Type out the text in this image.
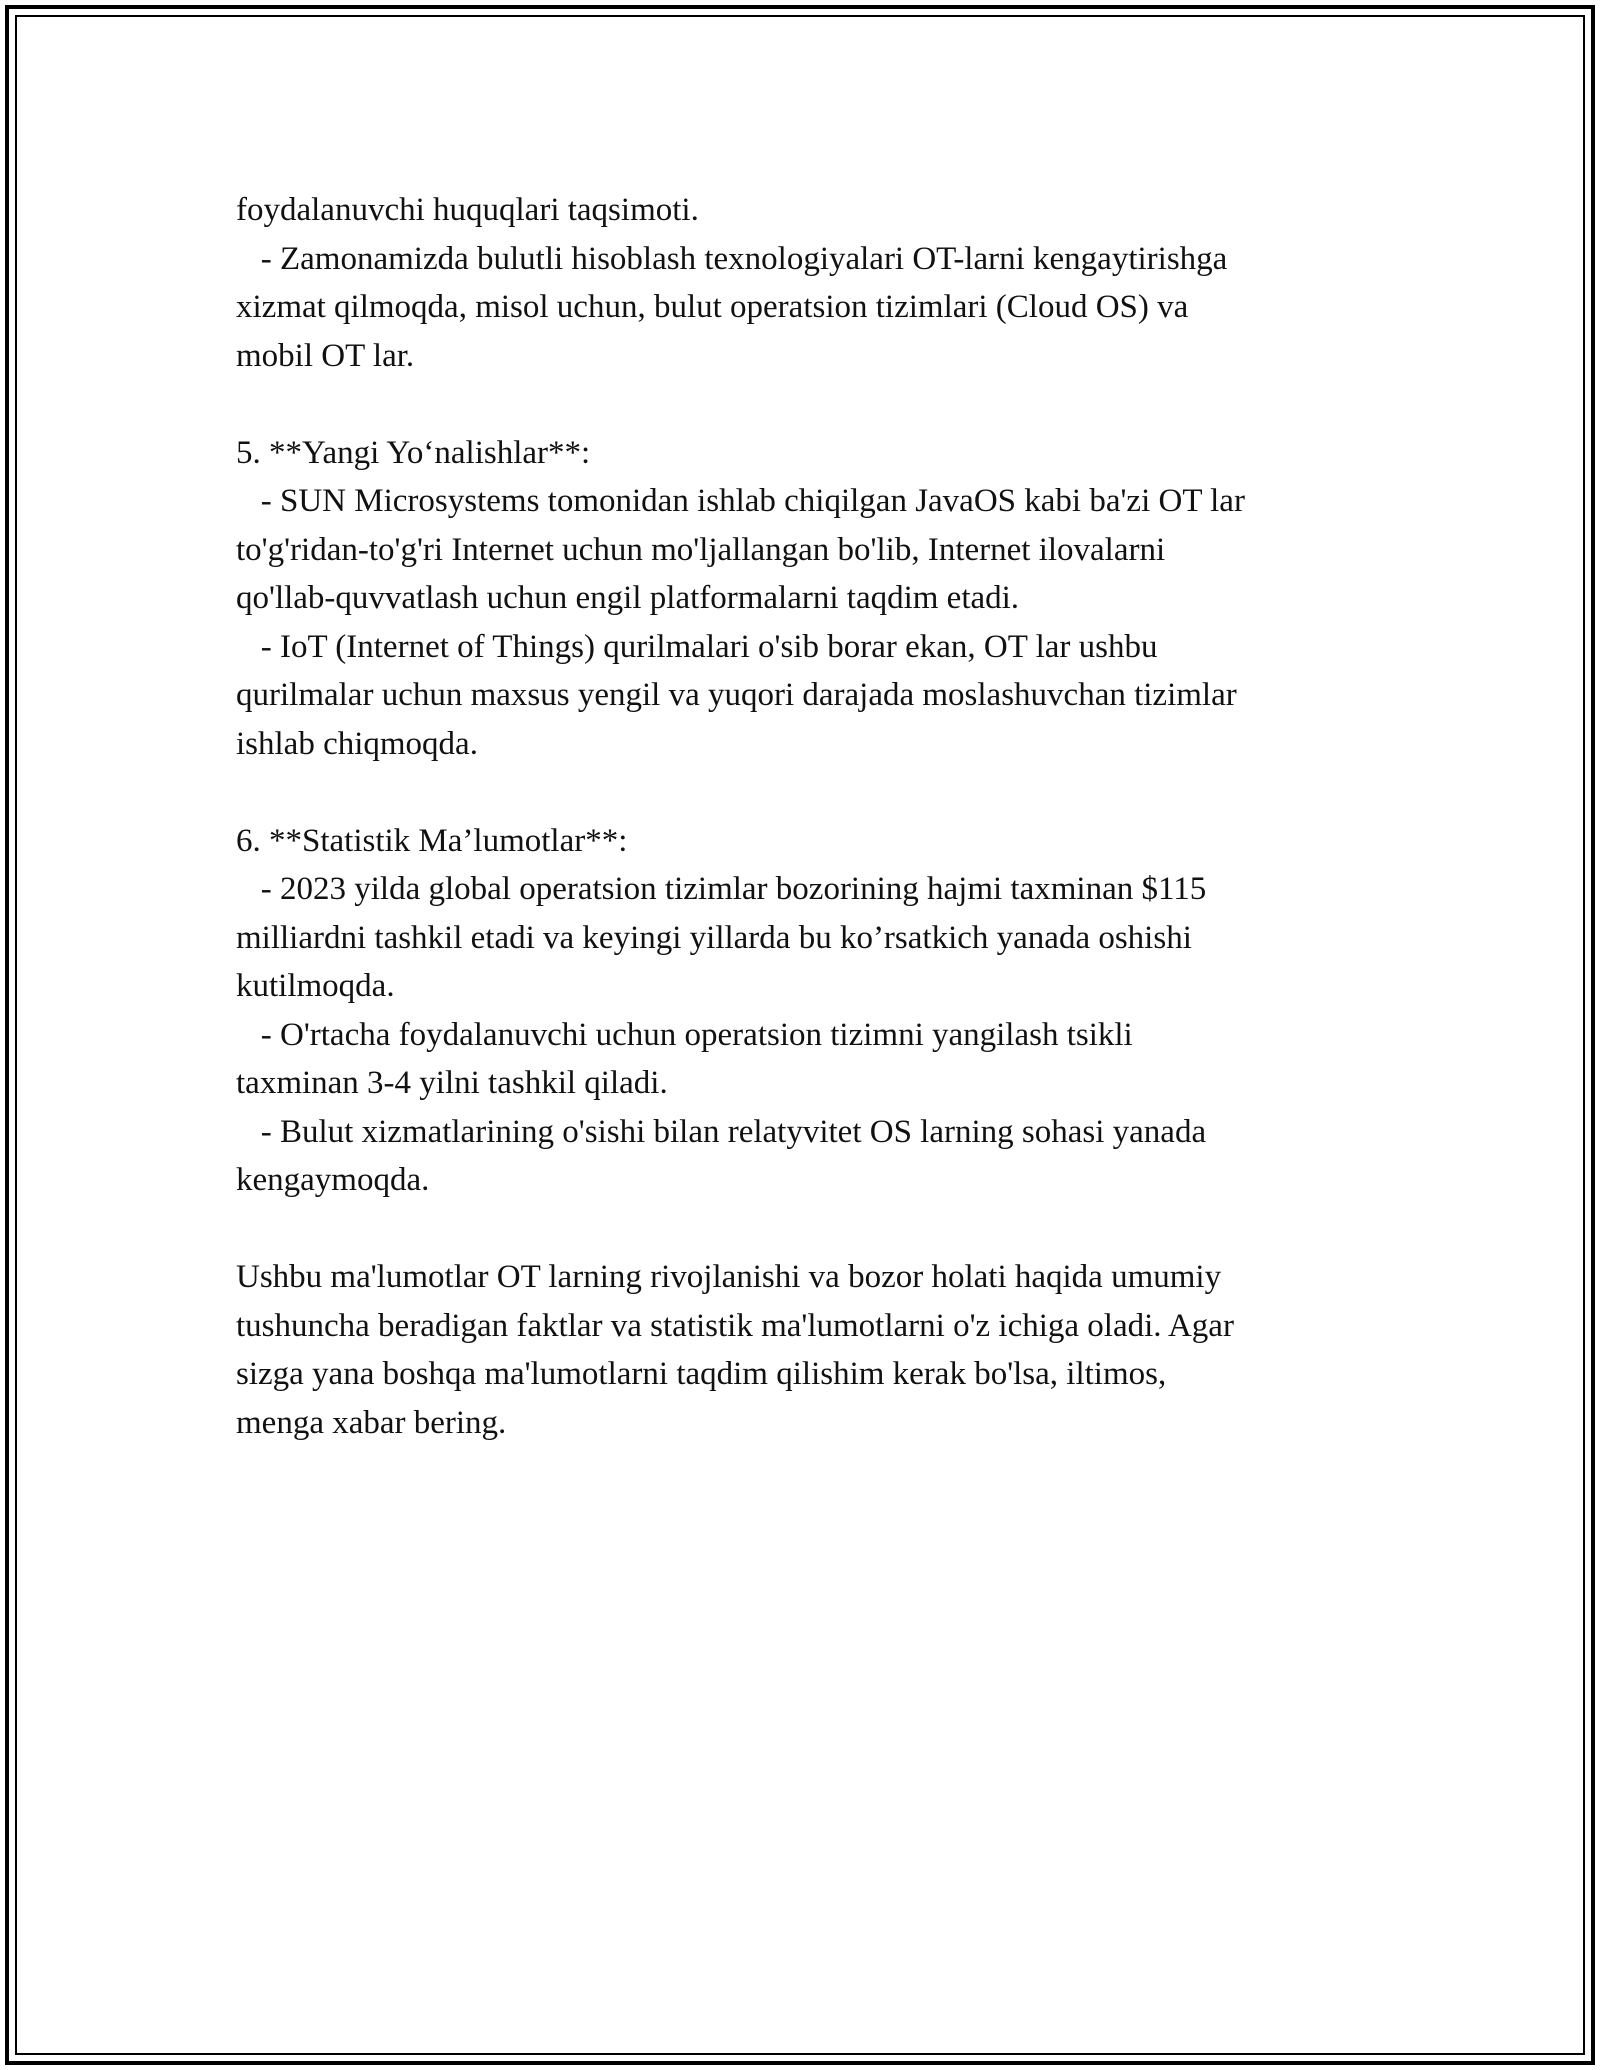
foydalanuvchi huquqlari taqsimoti.
- Zamonamizda bulutli hisoblash texnologiyalari OT-larni kengaytirishga
xizmat qilmoqda, misol uchun, bulut operatsion tizimlari (Cloud OS) va
mobil OT lar.
5. **Yangi Yo‘nalishlar**:
- SUN Microsystems tomonidan ishlab chiqilgan JavaOS kabi ba'zi OT lar
to'g'ridan-to'g'ri Internet uchun mo'ljallangan bo'lib, Internet ilovalarni
qo'llab-quvvatlash uchun engil platformalarni taqdim etadi.
- IoT (Internet of Things) qurilmalari o'sib borar ekan, OT lar ushbu
qurilmalar uchun maxsus yengil va yuqori darajada moslashuvchan tizimlar
ishlab chiqmoqda.
6. **Statistik Ma’lumotlar**:
- 2023 yilda global operatsion tizimlar bozorining hajmi taxminan $115
milliardni tashkil etadi va keyingi yillarda bu ko’rsatkich yanada oshishi
kutilmoqda.
- O'rtacha foydalanuvchi uchun operatsion tizimni yangilash tsikli
taxminan 3-4 yilni tashkil qiladi.
- Bulut xizmatlarining o'sishi bilan relatyvitet OS larning sohasi yanada
kengaymoqda.
Ushbu ma'lumotlar OT larning rivojlanishi va bozor holati haqida umumiy
tushuncha beradigan faktlar va statistik ma'lumotlarni o'z ichiga oladi. Agar
sizga yana boshqa ma'lumotlarni taqdim qilishim kerak bo'lsa, iltimos,
menga xabar bering.
